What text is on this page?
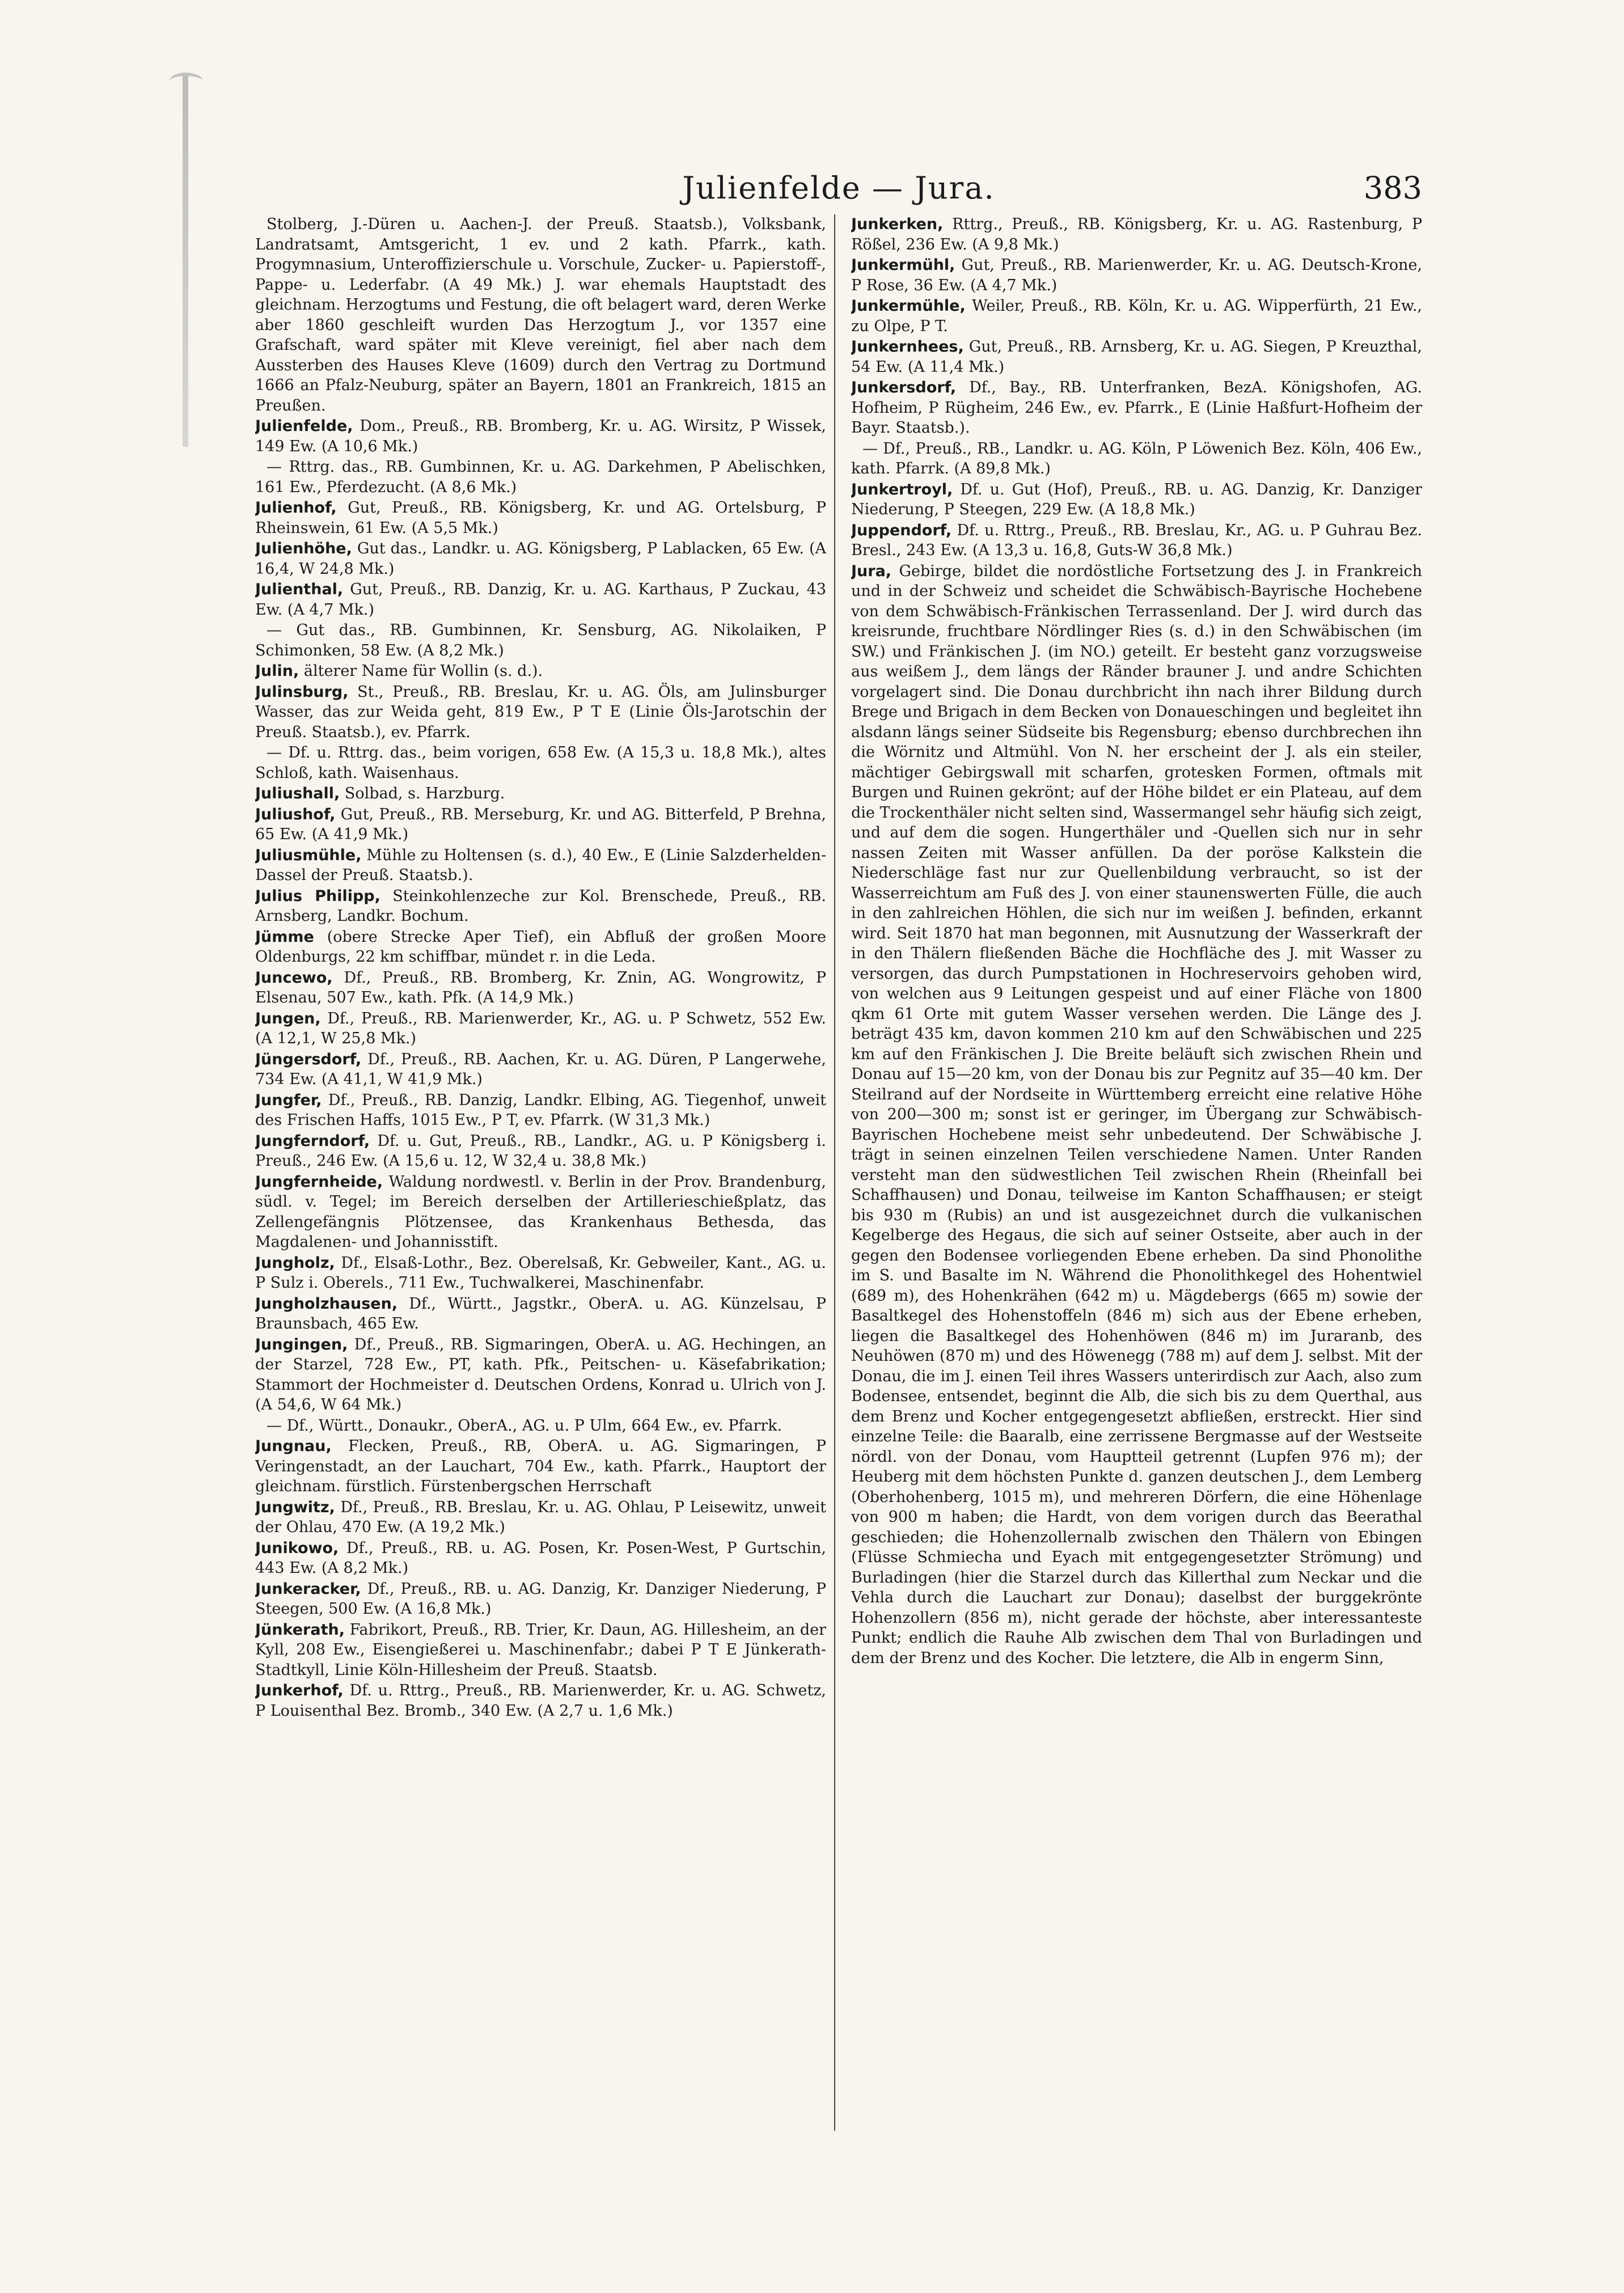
Julienfelde — Jura.	383

Stolberg, J.-Düren u. Aachen-J. der Preuß. Staatsb.), Volksbank, Landratsamt, Amtsgericht, 1 ev. und 2 kath. Pfarrk., kath. Progymnasium, Unteroffizierschule u. Vorschule, Zucker- u. Papierstoff-, Pappe- u. Lederfabr. (A 49 Mk.) J. war ehemals Hauptstadt des gleichnam. Herzogtums und Festung, die oft belagert ward, deren Werke aber 1860 geschleift wurden Das Herzogtum J., vor 1357 eine Grafschaft, ward später mit Kleve vereinigt, fiel aber nach dem Aussterben des Hauses Kleve (1609) durch den Vertrag zu Dortmund 1666 an Pfalz-Neuburg, später an Bayern, 1801 an Frankreich, 1815 an Preußen.

Julienfelde, Dom., Preuß., RB. Bromberg, Kr. u. AG. Wirsitz, P Wissek, 149 Ew. (A 10,6 Mk.)

— Rttrg. das., RB. Gumbinnen, Kr. u. AG. Darkehmen, P Abelischken, 161 Ew., Pferdezucht. (A 8,6 Mk.)

Julienhof, Gut, Preuß., RB. Königsberg, Kr. und AG. Ortelsburg, P Rheinswein, 61 Ew. (A 5,5 Mk.)

Julienhöhe, Gut das., Landkr. u. AG. Königsberg, P Lablacken, 65 Ew. (A 16,4, W 24,8 Mk.)

Julienthal, Gut, Preuß., RB. Danzig, Kr. u. AG. Karthaus, P Zuckau, 43 Ew. (A 4,7 Mk.)

— Gut das., RB. Gumbinnen, Kr. Sensburg, AG. Nikolaiken, P Schimonken, 58 Ew. (A 8,2 Mk.)

Julin, älterer Name für Wollin (s. d.).

Julinsburg, St., Preuß., RB. Breslau, Kr. u. AG. Öls, am Julinsburger Wasser, das zur Weida geht, 819 Ew., P T E (Linie Öls-Jarotschin der Preuß. Staatsb.), ev. Pfarrk.

— Df. u. Rttrg. das., beim vorigen, 658 Ew. (A 15,3 u. 18,8 Mk.), altes Schloß, kath. Waisenhaus.

Juliushall, Solbad, s. Harzburg.

Juliushof, Gut, Preuß., RB. Merseburg, Kr. und AG. Bitterfeld, P Brehna, 65 Ew. (A 41,9 Mk.)

Juliusmühle, Mühle zu Holtensen (s. d.), 40 Ew., E (Linie Salzderhelden-Dassel der Preuß. Staatsb.).

Julius Philipp, Steinkohlenzeche zur Kol. Brenschede, Preuß., RB. Arnsberg, Landkr. Bochum.

Jümme (obere Strecke Aper Tief), ein Abfluß der großen Moore Oldenburgs, 22 km schiffbar, mündet r. in die Leda.

Juncewo, Df., Preuß., RB. Bromberg, Kr. Znin, AG. Wongrowitz, P Elsenau, 507 Ew., kath. Pfk. (A 14,9 Mk.)

Jungen, Df., Preuß., RB. Marienwerder, Kr., AG. u. P Schwetz, 552 Ew. (A 12,1, W 25,8 Mk.)

Jüngersdorf, Df., Preuß., RB. Aachen, Kr. u. AG. Düren, P Langerwehe, 734 Ew. (A 41,1, W 41,9 Mk.)

Jungfer, Df., Preuß., RB. Danzig, Landkr. Elbing, AG. Tiegenhof, unweit des Frischen Haffs, 1015 Ew., P T, ev. Pfarrk. (W 31,3 Mk.)

Jungferndorf, Df. u. Gut, Preuß., RB., Landkr., AG. u. P Königsberg i. Preuß., 246 Ew. (A 15,6 u. 12, W 32,4 u. 38,8 Mk.)

Jungfernheide, Waldung nordwestl. v. Berlin in der Prov. Brandenburg, südl. v. Tegel; im Bereich derselben der Artillerieschießplatz, das Zellengefängnis Plötzensee, das Krankenhaus Bethesda, das Magdalenen- und Johannisstift.

Jungholz, Df., Elsaß-Lothr., Bez. Oberelsaß, Kr. Gebweiler, Kant., AG. u. P Sulz i. Oberels., 711 Ew., Tuchwalkerei, Maschinenfabr.

Jungholzhausen, Df., Württ., Jagstkr., OberA. u. AG. Künzelsau, P Braunsbach, 465 Ew.

Jungingen, Df., Preuß., RB. Sigmaringen, OberA. u. AG. Hechingen, an der Starzel, 728 Ew., PT, kath. Pfk., Peitschen- u. Käsefabrikation; Stammort der Hochmeister d. Deutschen Ordens, Konrad u. Ulrich von J. (A 54,6, W 64 Mk.)

— Df., Württ., Donaukr., OberA., AG. u. P Ulm, 664 Ew., ev. Pfarrk.

Jungnau, Flecken, Preuß., RB, OberA. u. AG. Sigmaringen, P Veringenstadt, an der Lauchart, 704 Ew., kath. Pfarrk., Hauptort der gleichnam. fürstlich. Fürstenbergschen Herrschaft

Jungwitz, Df., Preuß., RB. Breslau, Kr. u. AG. Ohlau, P Leisewitz, unweit der Ohlau, 470 Ew. (A 19,2 Mk.)

Junikowo, Df., Preuß., RB. u. AG. Posen, Kr. Posen-West, P Gurtschin, 443 Ew. (A 8,2 Mk.)

Junkeracker, Df., Preuß., RB. u. AG. Danzig, Kr. Danziger Niederung, P Steegen, 500 Ew. (A 16,8 Mk.)

Jünkerath, Fabrikort, Preuß., RB. Trier, Kr. Daun, AG. Hillesheim, an der Kyll, 208 Ew., Eisengießerei u. Maschinenfabr.; dabei P T E Jünkerath-Stadtkyll, Linie Köln-Hillesheim der Preuß. Staatsb.

Junkerhof, Df. u. Rttrg., Preuß., RB. Marienwerder, Kr. u. AG. Schwetz, P Louisenthal Bez. Bromb., 340 Ew. (A 2,7 u. 1,6 Mk.)

Junkerken, Rttrg., Preuß., RB. Königsberg, Kr. u. AG. Rastenburg, P Rößel, 236 Ew. (A 9,8 Mk.)

Junkermühl, Gut, Preuß., RB. Marienwerder, Kr. u. AG. Deutsch-Krone, P Rose, 36 Ew. (A 4,7 Mk.)

Junkermühle, Weiler, Preuß., RB. Köln, Kr. u. AG. Wipperfürth, 21 Ew., zu Olpe, P T.

Junkernhees, Gut, Preuß., RB. Arnsberg, Kr. u. AG. Siegen, P Kreuzthal, 54 Ew. (A 11,4 Mk.)

Junkersdorf, Df., Bay., RB. Unterfranken, BezA. Königshofen, AG. Hofheim, P Rügheim, 246 Ew., ev. Pfarrk., E (Linie Haßfurt-Hofheim der Bayr. Staatsb.).

— Df., Preuß., RB., Landkr. u. AG. Köln, P Löwenich Bez. Köln, 406 Ew., kath. Pfarrk. (A 89,8 Mk.)

Junkertroyl, Df. u. Gut (Hof), Preuß., RB. u. AG. Danzig, Kr. Danziger Niederung, P Steegen, 229 Ew. (A 18,8 Mk.)

Juppendorf, Df. u. Rttrg., Preuß., RB. Breslau, Kr., AG. u. P Guhrau Bez. Bresl., 243 Ew. (A 13,3 u. 16,8, Guts-W 36,8 Mk.)

Jura, Gebirge, bildet die nordöstliche Fortsetzung des J. in Frankreich und in der Schweiz und scheidet die Schwäbisch-Bayrische Hochebene von dem Schwäbisch-Fränkischen Terrassenland. Der J. wird durch das kreisrunde, fruchtbare Nördlinger Ries (s. d.) in den Schwäbischen (im SW.) und Fränkischen J. (im NO.) geteilt. Er besteht ganz vorzugsweise aus weißem J., dem längs der Ränder brauner J. und andre Schichten vorgelagert sind. Die Donau durchbricht ihn nach ihrer Bildung durch Brege und Brigach in dem Becken von Donaueschingen und begleitet ihn alsdann längs seiner Südseite bis Regensburg; ebenso durchbrechen ihn die Wörnitz und Altmühl. Von N. her erscheint der J. als ein steiler, mächtiger Gebirgswall mit scharfen, grotesken Formen, oftmals mit Burgen und Ruinen gekrönt; auf der Höhe bildet er ein Plateau, auf dem die Trockenthäler nicht selten sind, Wassermangel sehr häufig sich zeigt, und auf dem die sogen. Hungerthäler und -Quellen sich nur in sehr nassen Zeiten mit Wasser anfüllen. Da der poröse Kalkstein die Niederschläge fast nur zur Quellenbildung verbraucht, so ist der Wasserreichtum am Fuß des J. von einer staunenswerten Fülle, die auch in den zahlreichen Höhlen, die sich nur im weißen J. befinden, erkannt wird. Seit 1870 hat man begonnen, mit Ausnutzung der Wasserkraft der in den Thälern fließenden Bäche die Hochfläche des J. mit Wasser zu versorgen, das durch Pumpstationen in Hochreservoirs gehoben wird, von welchen aus 9 Leitungen gespeist und auf einer Fläche von 1800 qkm 61 Orte mit gutem Wasser versehen werden. Die Länge des J. beträgt 435 km, davon kommen 210 km auf den Schwäbischen und 225 km auf den Fränkischen J. Die Breite beläuft sich zwischen Rhein und Donau auf 15—20 km, von der Donau bis zur Pegnitz auf 35—40 km. Der Steilrand auf der Nordseite in Württemberg erreicht eine relative Höhe von 200—300 m; sonst ist er geringer, im Übergang zur Schwäbisch-Bayrischen Hochebene meist sehr unbedeutend. Der Schwäbische J. trägt in seinen einzelnen Teilen verschiedene Namen. Unter Randen versteht man den südwestlichen Teil zwischen Rhein (Rheinfall bei Schaffhausen) und Donau, teilweise im Kanton Schaffhausen; er steigt bis 930 m (Rubis) an und ist ausgezeichnet durch die vulkanischen Kegelberge des Hegaus, die sich auf seiner Ostseite, aber auch in der gegen den Bodensee vorliegenden Ebene erheben. Da sind Phonolithe im S. und Basalte im N. Während die Phonolithkegel des Hohentwiel (689 m), des Hohenkrähen (642 m) u. Mägdebergs (665 m) sowie der Basaltkegel des Hohenstoffeln (846 m) sich aus der Ebene erheben, liegen die Basaltkegel des Hohenhöwen (846 m) im Juraranb, des Neuhöwen (870 m) und des Höwenegg (788 m) auf dem J. selbst. Mit der Donau, die im J. einen Teil ihres Wassers unterirdisch zur Aach, also zum Bodensee, entsendet, beginnt die Alb, die sich bis zu dem Querthal, aus dem Brenz und Kocher entgegengesetzt abfließen, erstreckt. Hier sind einzelne Teile: die Baaralb, eine zerrissene Bergmasse auf der Westseite nördl. von der Donau, vom Hauptteil getrennt (Lupfen 976 m); der Heuberg mit dem höchsten Punkte d. ganzen deutschen J., dem Lemberg (Oberhohenberg, 1015 m), und mehreren Dörfern, die eine Höhenlage von 900 m haben; die Hardt, von dem vorigen durch das Beerathal geschieden; die Hohenzollernalb zwischen den Thälern von Ebingen (Flüsse Schmiecha und Eyach mit entgegengesetzter Strömung) und Burladingen (hier die Starzel durch das Killerthal zum Neckar und die Vehla durch die Lauchart zur Donau); daselbst der burggekrönte Hohenzollern (856 m), nicht gerade der höchste, aber interessanteste Punkt; endlich die Rauhe Alb zwischen dem Thal von Burladingen und dem der Brenz und des Kocher. Die letztere, die Alb in engerm Sinn,
